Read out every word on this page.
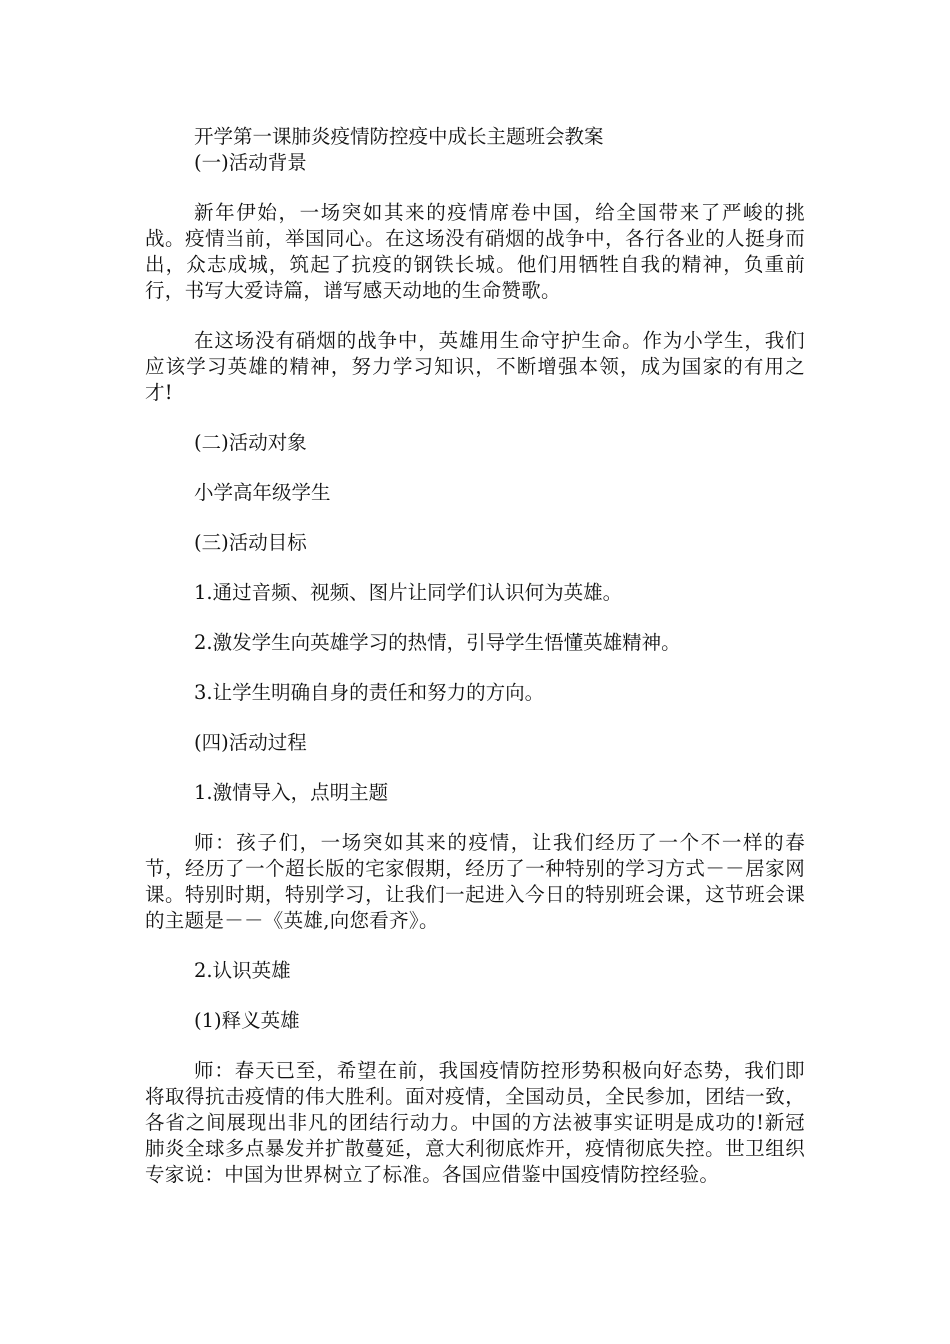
开学第一课肺炎疫情防控疫中成长主题班会教案

(一)活动背景

新年伊始，一场突如其来的疫情席卷中国，给全国带来了严峻的挑战。疫情当前，举国同心。在这场没有硝烟的战争中，各行各业的人挺身而出，众志成城，筑起了抗疫的钢铁长城。他们用牺牲自我的精神，负重前行，书写大爱诗篇，谱写感天动地的生命赞歌。

在这场没有硝烟的战争中，英雄用生命守护生命。作为小学生，我们应该学习英雄的精神，努力学习知识，不断增强本领，成为国家的有用之才!

(二)活动对象

小学高年级学生

(三)活动目标

1.通过音频、视频、图片让同学们认识何为英雄。

2.激发学生向英雄学习的热情，引导学生悟懂英雄精神。

3.让学生明确自身的责任和努力的方向。

(四)活动过程

1.激情导入，点明主题

师：孩子们，一场突如其来的疫情，让我们经历了一个不一样的春节，经历了一个超长版的宅家假期，经历了一种特别的学习方式－－居家网课。特别时期，特别学习，让我们一起进入今日的特别班会课，这节班会课的主题是－－《英雄,向您看齐》。

2.认识英雄

(1)释义英雄

师：春天已至，希望在前，我国疫情防控形势积极向好态势，我们即将取得抗击疫情的伟大胜利。面对疫情，全国动员，全民参加，团结一致，各省之间展现出非凡的团结行动力。中国的方法被事实证明是成功的!新冠肺炎全球多点暴发并扩散蔓延，意大利彻底炸开，疫情彻底失控。世卫组织专家说：中国为世界树立了标准。各国应借鉴中国疫情防控经验。
